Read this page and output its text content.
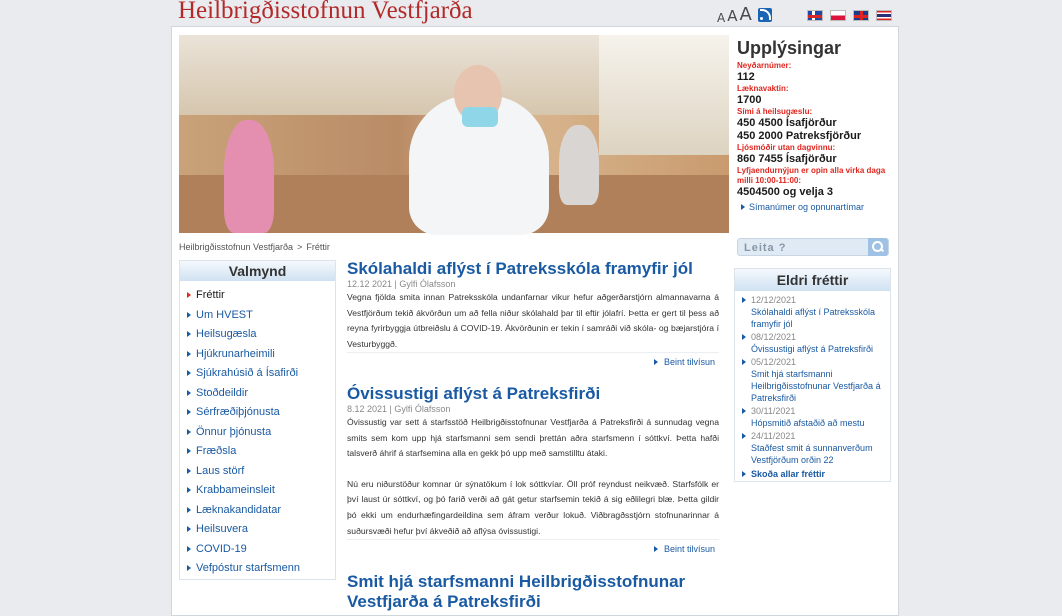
Heilbrigðisstofnun Vestfjarða	A A A
Upplýsingar
Neyðarnúmer:
112
Læknavaktin:
1700
Sími á heilsugæslu:
450 4500 Ísafjörður
450 2000 Patreksfjörður
Ljósmóðir utan dagvinnu:
860 7455 Ísafjörður
Lyfjaendurnýjun er opin alla virka daga milli 10:00-11:00:
4504500 og velja 3
Símanúmer og opnunartímar
Heilbrigðisstofnun Vestfjarða > Fréttir
Leita ?
Valmynd
Fréttir
Um HVEST
Heilsugæsla
Hjúkrunarheimili
Sjúkrahúsið á Ísafirði
Stoðdeildir
Sérfræðiþjónusta
Önnur þjónusta
Fræðsla
Laus störf
Krabbameinsleit
Læknakandidatar
Heilsuvera
COVID-19
Vefpóstur starfsmenn
Skólahaldi aflýst í Patreksskóla framyfir jól
12.12 2021 | Gylfi Ólafsson

Vegna fjölda smita innan Patreksskóla undanfarnar vikur hefur aðgerðarstjórn almannavarna á Vestfjörðum tekið ákvörðun um að fella niður skólahald þar til eftir jólafrí. Þetta er gert til þess að reyna fyrirbyggja útbreiðslu á COVID-19. Ákvörðunin er tekin í samráði við skóla- og bæjarstjóra í Vesturbyggð.

Beint tilvísun
Óvissustigi aflýst á Patreksfirði
8.12 2021 | Gylfi Ólafsson

Óvissustig var sett á starfsstöð Heilbrigðisstofnunar Vestfjarða á Patreksfirði á sunnudag vegna smits sem kom upp hjá starfsmanni sem sendi þrettán aðra starfsmenn í sóttkví. Þetta hafði talsverð áhrif á starfsemina alla en gekk þó upp með samstilltu átaki.

Nú eru niðurstöður komnar úr sýnatökum í lok sóttkvíar. Öll próf reyndust neikvæð. Starfsfólk er því laust úr sóttkví, og þó farið verði að gát getur starfsemin tekið á sig eðlilegri blæ. Þetta gildir þó ekki um endurhæfingardeildina sem áfram verður lokuð. Viðbragðsstjórn stofnunarinnar á suðursvæði hefur því ákveðið að aflýsa óvissustigi.

Beint tilvísun
Smit hjá starfsmanni Heilbrigðisstofnunar Vestfjarða á Patreksfirði
Eldri fréttir
12/12/2021
Skólahaldi aflýst í Patreksskóla framyfir jól
08/12/2021
Óvissustigi aflýst á Patreksfirði
05/12/2021
Smit hjá starfsmanni Heilbrigðisstofnunar Vestfjarða á Patreksfirði
30/11/2021
Hópsmitið afstaðið að mestu
24/11/2021
Staðfest smit á sunnanverðum Vestfjörðum orðin 22
Skoða allar fréttir
